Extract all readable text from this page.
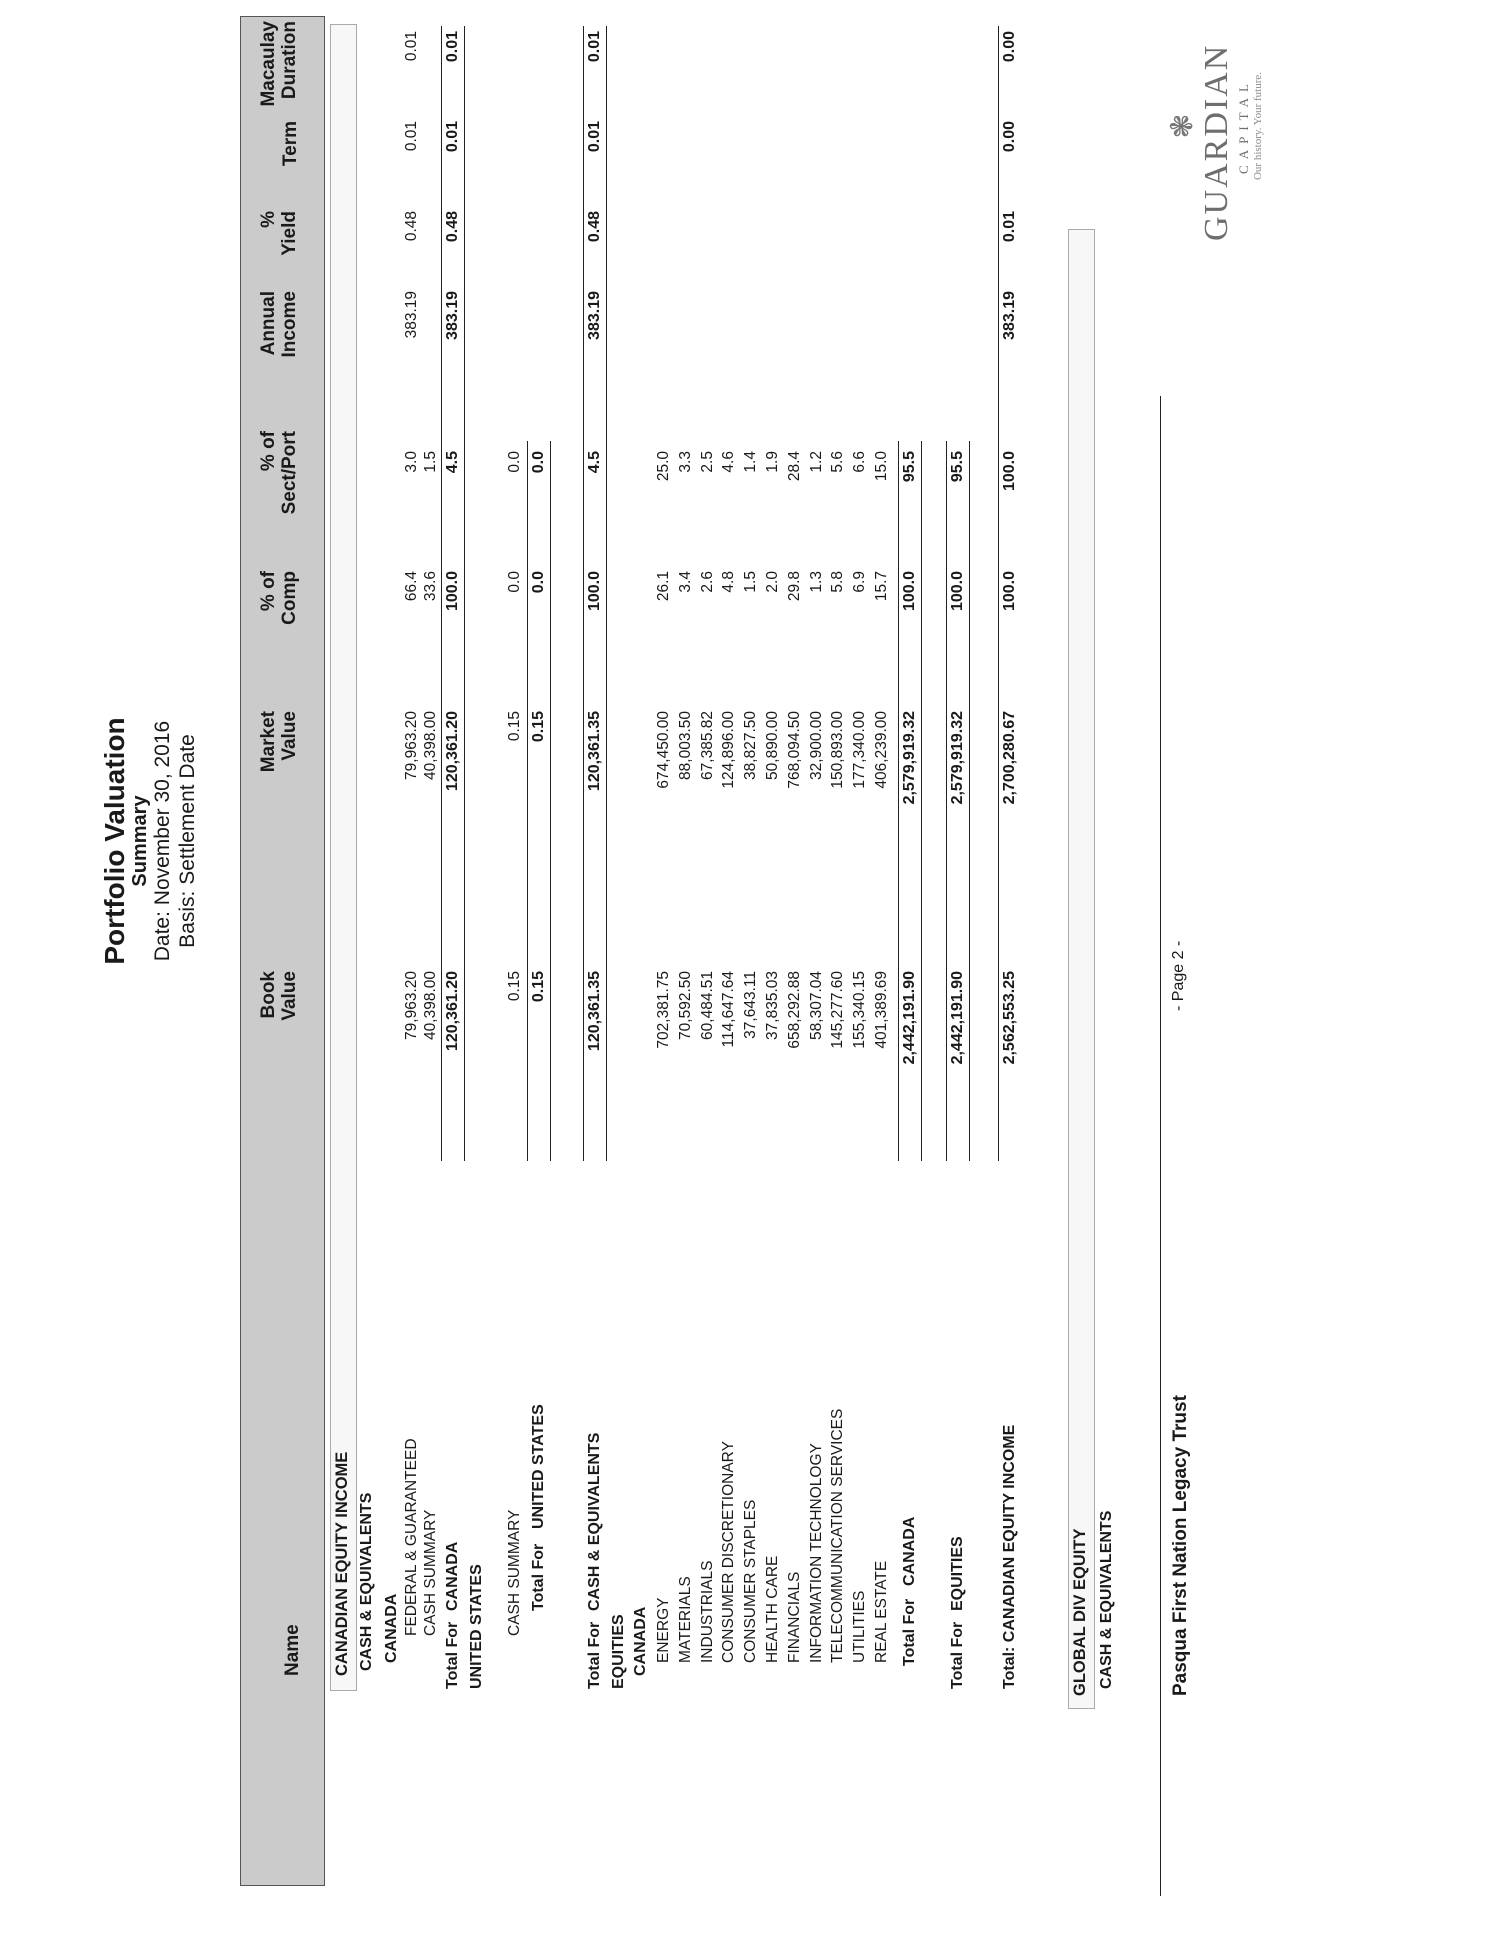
Portfolio Valuation Summary Date: November 30, 2016 Basis: Settlement Date
Name
Book Value
Market Value
% of Comp
% of Sect/Port
Annual Income
% Yield
Term
Macaulay Duration
CANADIAN EQUITY INCOME CASH & EQUIVALENTS CANADA FEDERAL & GUARANTEED
79,963.20
79,963.20
66.4
3.0
383.19
0.48
0.01
0.01
CASH SUMMARY
40,398.00
40,398.00
33.6
1.5
Total For
CANADA
120,361.20
120,361.20
100.0
4.5
383.19
0.48
0.01
0.01
UNITED STATES CASH SUMMARY
0.15
0.15
0.0
0.0
Total For
UNITED STATES
0.15
0.15
0.0
0.0
Total For
CASH & EQUIVALENTS
120,361.35
120,361.35
100.0
4.5
383.19
0.48
0.01
0.01
EQUITIES CANADA ENERGY
702,381.75
674,450.00
26.1
25.0
MATERIALS
70,592.50
88,003.50
3.4
3.3
INDUSTRIALS
60,484.51
67,385.82
2.6
2.5
CONSUMER DISCRETIONARY
114,647.64
124,896.00
4.8
4.6
CONSUMER STAPLES
37,643.11
38,827.50
1.5
1.4
HEALTH CARE
37,835.03
50,890.00
2.0
1.9
FINANCIALS
658,292.88
768,094.50
29.8
28.4
INFORMATION TECHNOLOGY
58,307.04
32,900.00
1.3
1.2
TELECOMMUNICATION SERVICES
145,277.60
150,893.00
5.8
5.6
UTILITIES
155,340.15
177,340.00
6.9
6.6
REAL ESTATE
401,389.69
406,239.00
15.7
15.0
Total For
CANADA
2,442,191.90
2,579,919.32
100.0
95.5
Total For
EQUITIES
2,442,191.90
2,579,919.32
100.0
95.5
Total: CANADIAN EQUITY INCOME
2,562,553.25
2,700,280.67
100.0
100.0
383.19
0.01
0.00
0.00
GLOBAL DIV EQUITY CASH & EQUIVALENTS	Pasqua First Nation Legacy Trust
- Page 2 -
❃ GUARDIAN CAPITAL Our history. Your future.
